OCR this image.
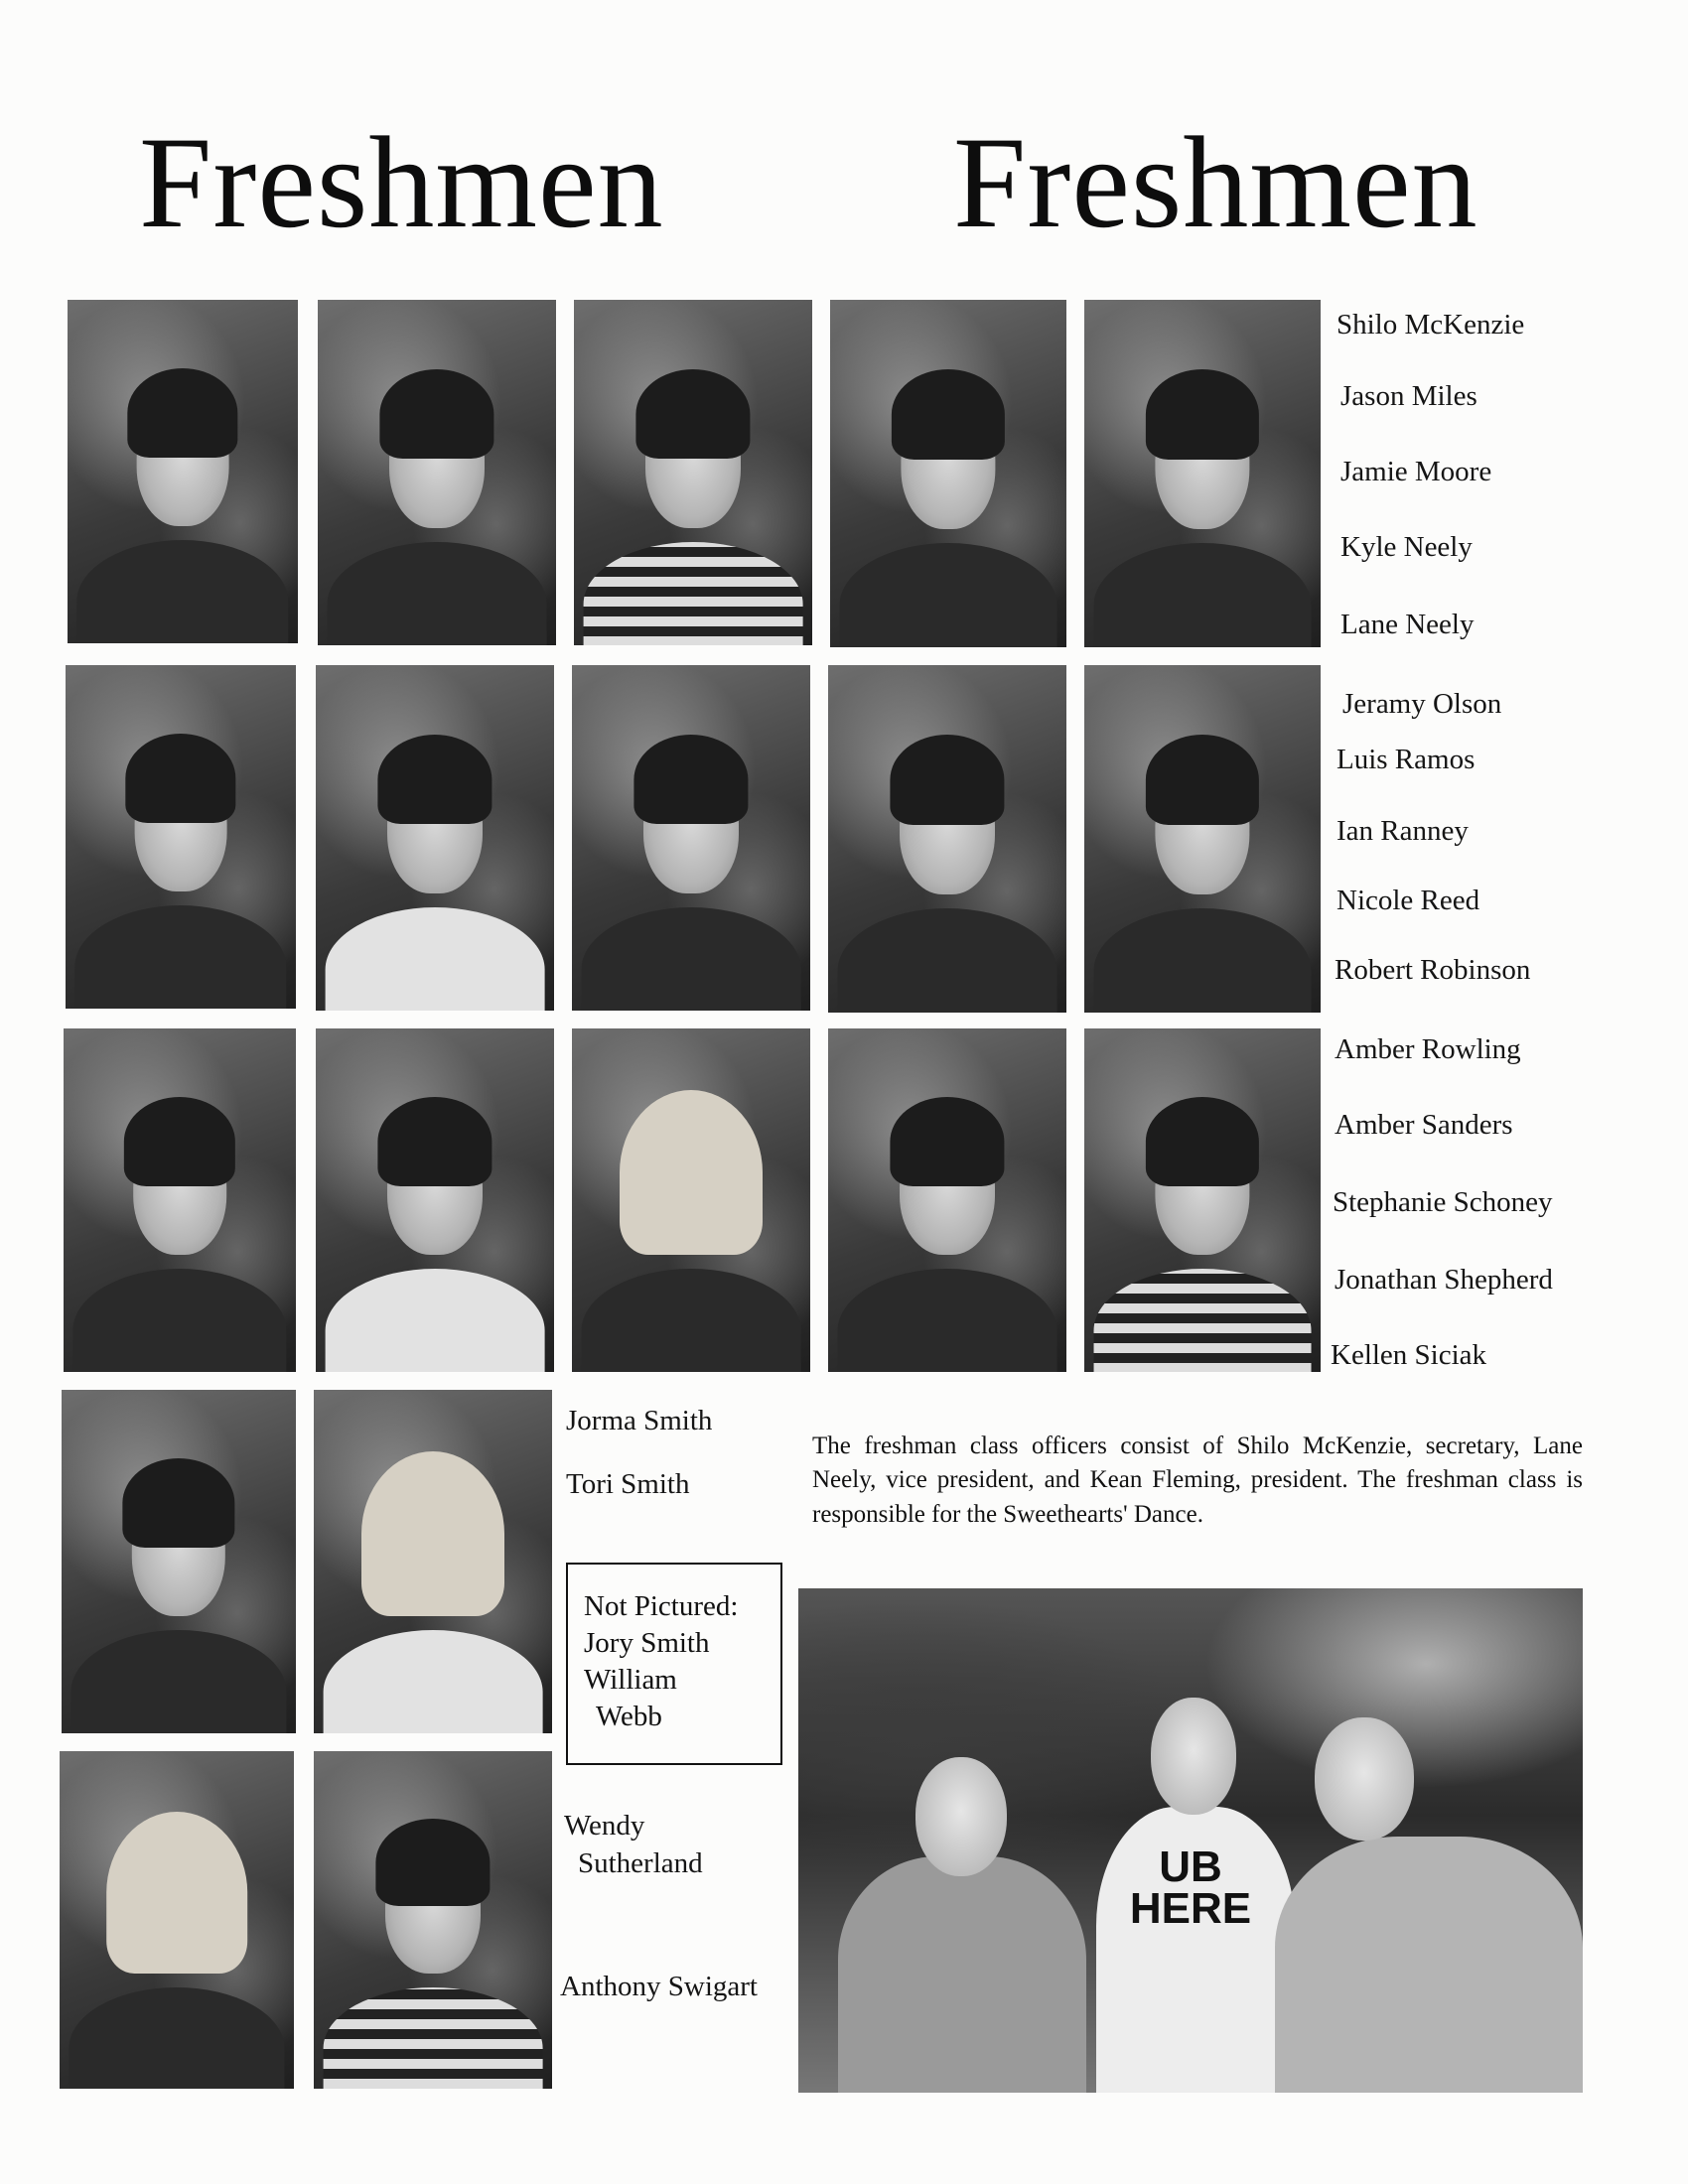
Freshmen Freshmen
Shilo McKenzie
Jason Miles
Jamie Moore
Kyle Neely
Lane Neely
Jeramy Olson
Luis Ramos
Ian Ranney
Nicole Reed
Robert Robinson
Amber Rowling
Amber Sanders
Stephanie Schoney
Jonathan Shepherd
Kellen Siciak
Jorma Smith
Tori Smith
Wendy
Sutherland
Anthony Swigart
Not Pictured:
Jory Smith
William
Webb
The freshman class officers consist of Shilo McKenzie, secretary, Lane Neely, vice president, and Kean Fleming, president. The freshman class is responsible for the Sweethearts' Dance.
UB HERE
